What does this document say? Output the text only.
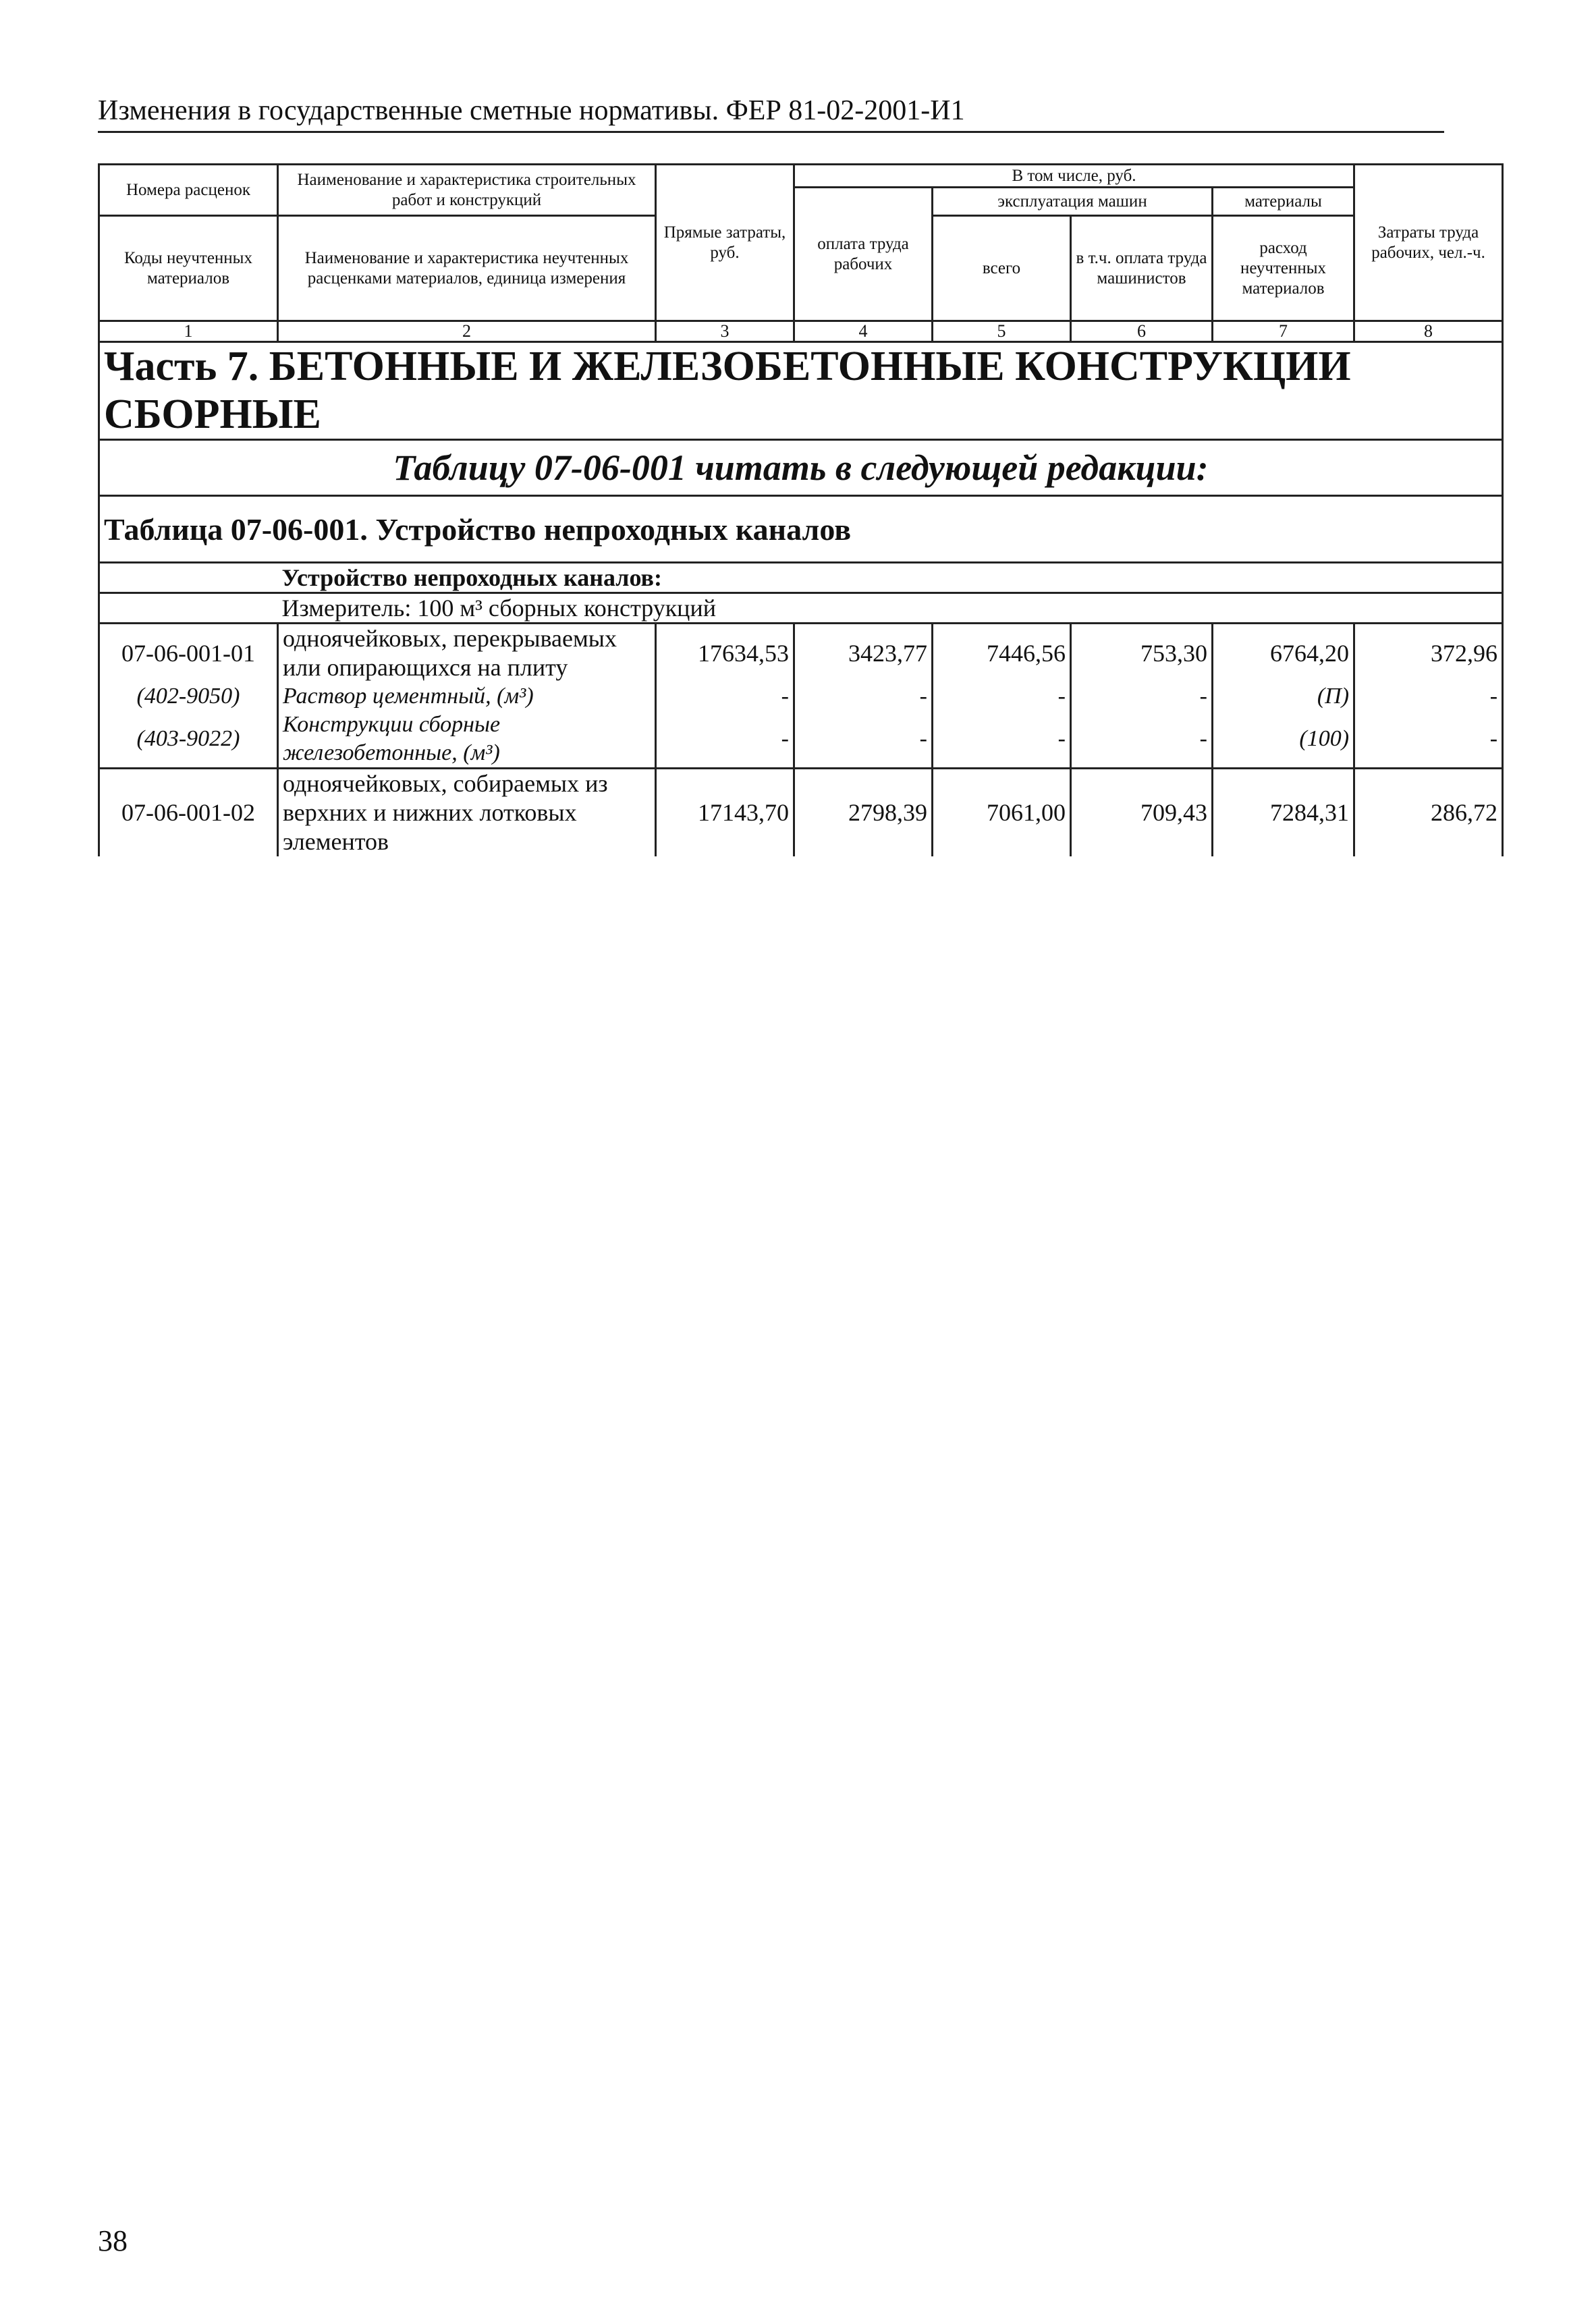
Изменения в государственные сметные нормативы. ФЕР 81-02-2001-И1
Номера расценок	Наименование и характеристика строительных работ и конструкций	Прямые затраты, руб.	В том числе, руб.				Затраты труда рабочих, чел.-ч.
			оплата труда рабочих	эксплуатация машин		материалы	
Коды неучтенных материалов	Наименование и характеристика неучтенных расценками материалов, единица измерения			всего	в т.ч. оплата труда машинистов	расход неучтенных материалов	

1	2	3	4	5	6	7	8
Часть 7. БЕТОННЫЕ И ЖЕЛЕЗОБЕТОННЫЕ КОНСТРУКЦИИ СБОРНЫЕ							
Таблицу 07-06-001 читать в следующей редакции:							
Таблица 07-06-001. Устройство непроходных каналов							
	Устройство непроходных каналов:						
	Измеритель: 100 м³ сборных конструкций						
07-06-001-01	одноячейковых, перекрываемых или опирающихся на плиту	17634,53	3423,77	7446,56	753,30	6764,20	372,96
(402-9050)	Раствор цементный, (м³)	-	-	-	-	(П)	-
(403-9022)	Конструкции сборные железобетонные, (м³)	-	-	-	-	(100)	-
07-06-001-02	одноячейковых, собираемых из верхних и нижних лотковых элементов	17143,70	2798,39	7061,00	709,43	7284,31	286,72
38
